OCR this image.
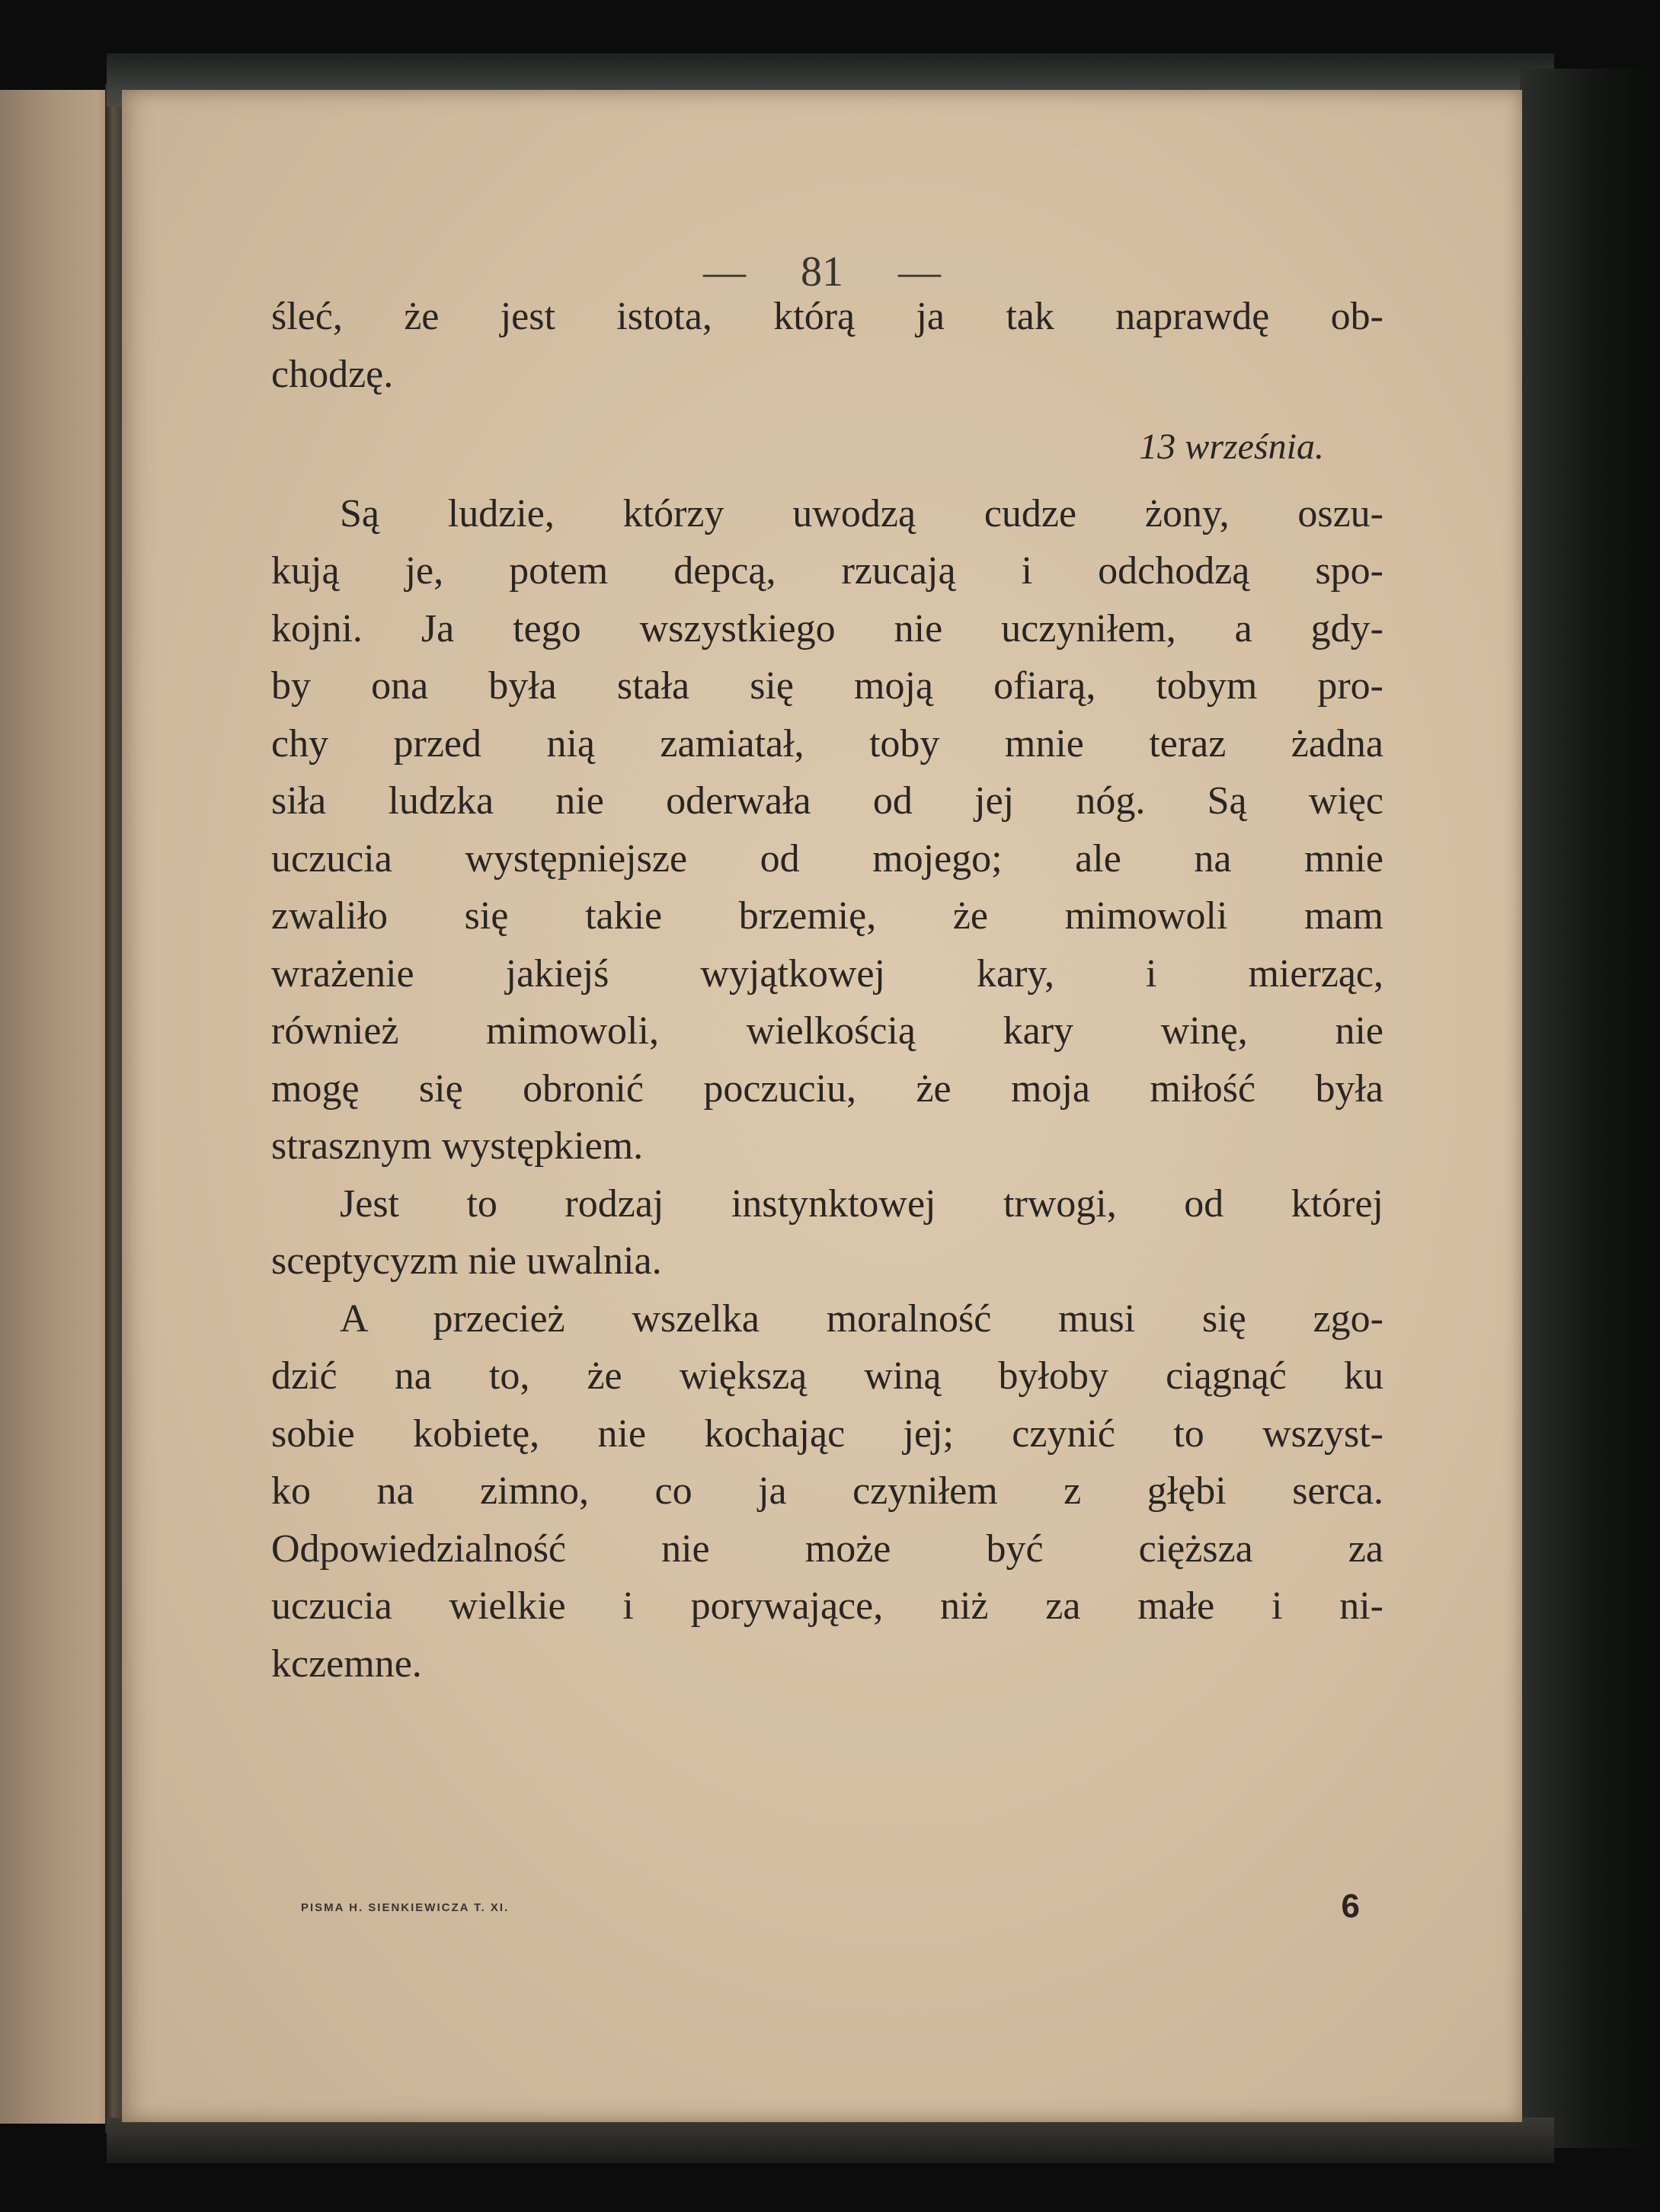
— 81 —
śleć, że jest istota, którą ja tak naprawdę ob-
chodzę.
13 września.
Są ludzie, którzy uwodzą cudze żony, oszu-
kują je, potem depcą, rzucają i odchodzą spo-
kojni. Ja tego wszystkiego nie uczyniłem, a gdy-
by ona była stała się moją ofiarą, tobym pro-
chy przed nią zamiatał, toby mnie teraz żadna
siła ludzka nie oderwała od jej nóg. Są więc
uczucia występniejsze od mojego; ale na mnie
zwaliło się takie brzemię, że mimowoli mam
wrażenie jakiejś wyjątkowej kary, i mierząc,
również mimowoli, wielkością kary winę, nie
mogę się obronić poczuciu, że moja miłość była
strasznym występkiem.
Jest to rodzaj instynktowej trwogi, od której
sceptycyzm nie uwalnia.
A przecież wszelka moralność musi się zgo-
dzić na to, że większą winą byłoby ciągnąć ku
sobie kobietę, nie kochając jej; czynić to wszyst-
ko na zimno, co ja czyniłem z głębi serca.
Odpowiedzialność nie może być cięższa za
uczucia wielkie i porywające, niż za małe i ni-
kczemne.
PISMA H. SIENKIEWICZA T. XI.	6
